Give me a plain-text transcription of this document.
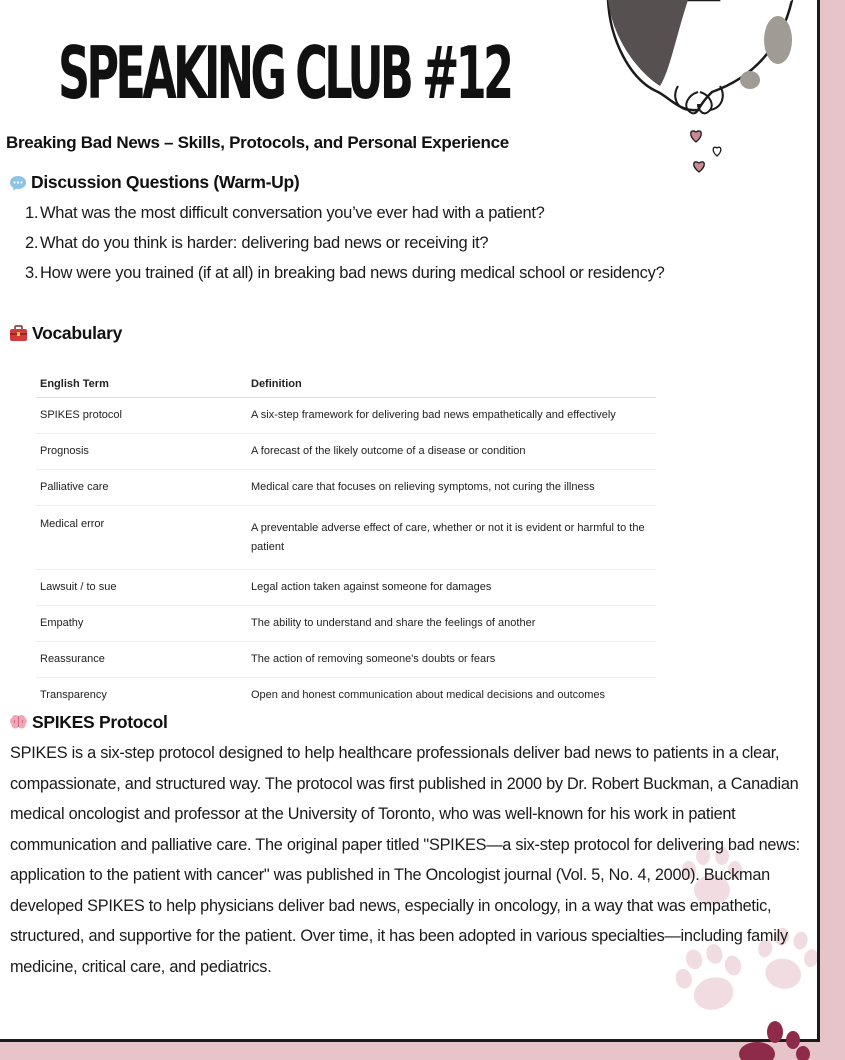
SPEAKING CLUB #12
Breaking Bad News – Skills, Protocols, and Personal Experience
Discussion Questions (Warm-Up)
1. What was the most difficult conversation you’ve ever had with a patient?
2. What do you think is harder: delivering bad news or receiving it?
3. How were you trained (if at all) in breaking bad news during medical school or residency?
Vocabulary
English Term	Definition
SPIKES protocol	A six-step framework for delivering bad news empathetically and effectively
Prognosis	A forecast of the likely outcome of a disease or condition
Palliative care	Medical care that focuses on relieving symptoms, not curing the illness
Medical error	A preventable adverse effect of care, whether or not it is evident or harmful to the patient
Lawsuit / to sue	Legal action taken against someone for damages
Empathy	The ability to understand and share the feelings of another
Reassurance	The action of removing someone's doubts or fears
Transparency	Open and honest communication about medical decisions and outcomes
SPIKES Protocol

SPIKES is a six-step protocol designed to help healthcare professionals deliver bad news to patients in a clear, compassionate, and structured way. The protocol was first published in 2000 by Dr. Robert Buckman, a Canadian medical oncologist and professor at the University of Toronto, who was well-known for his work in patient communication and palliative care. The original paper titled "SPIKES—a six-step protocol for delivering bad news: application to the patient with cancer" was published in The Oncologist journal (Vol. 5, No. 4, 2000). Buckman developed SPIKES to help physicians deliver bad news, especially in oncology, in a way that was empathetic, structured, and supportive for the patient. Over time, it has been adopted in various specialties—including family medicine, critical care, and pediatrics.
